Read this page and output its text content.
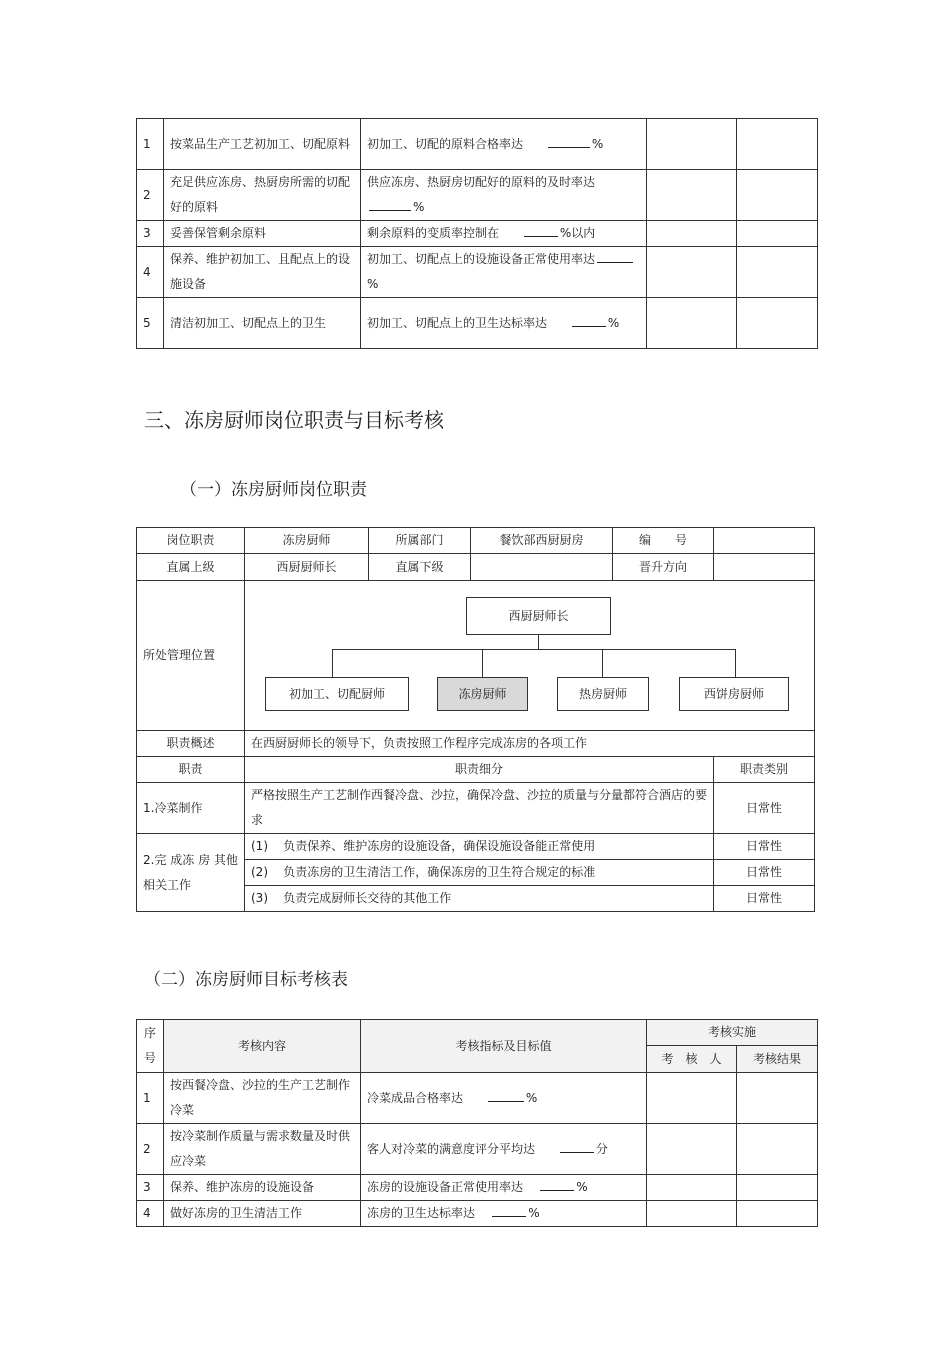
1	按菜品生产工艺初加工、切配原料	初加工、切配的原料合格率达 %		
2	充足供应冻房、热厨房所需的切配好的原料	供应冻房、热厨房切配好的原料的及时率达%		
3	妥善保管剩余原料	剩余原料的变质率控制在 %以内		
4	保养、维护初加工、且配点上的设施设备	初加工、切配点上的设施设备正常使用率达%		
5	清洁初加工、切配点上的卫生	初加工、切配点上的卫生达标率达 %		
三、冻房厨师岗位职责与目标考核
（一）冻房厨师岗位职责
岗位职责	冻房厨师	所属部门	餐饮部西厨厨房	编　　号	
直属上级	西厨厨师长	直属下级		晋升方向	
所处管理位置					
职责概述	在西厨厨师长的领导下，负责按照工作程序完成冻房的各项工作				
职责	职责细分				职责类别
1.冷菜制作	严格按照生产工艺制作西餐冷盘、沙拉，确保冷盘、沙拉的质量与分量都符合酒店的要求				日常性
2.完 成冻 房 其他相关工作	(1) 负责保养、维护冻房的设施设备，确保设施设备能正常使用				日常性
	(2) 负责冻房的卫生清洁工作，确保冻房的卫生符合规定的标准				日常性
	(3) 负责完成厨师长交待的其他工作				日常性
西厨厨师长
初加工、切配厨师	冻房厨师	热房厨师	西饼房厨师
（二）冻房厨师目标考核表
序号	考核内容	考核指标及目标值	考核实施	
			考　核　人	考核结果
1	按西餐冷盘、沙拉的生产工艺制作冷菜	冷菜成品合格率达 %		
2	按冷菜制作质量与需求数量及时供应冷菜	客人对冷菜的满意度评分平均达 分		
3	保养、维护冻房的设施设备	冻房的设施设备正常使用率达 %		
4	做好冻房的卫生清洁工作	冻房的卫生达标率达 %		
